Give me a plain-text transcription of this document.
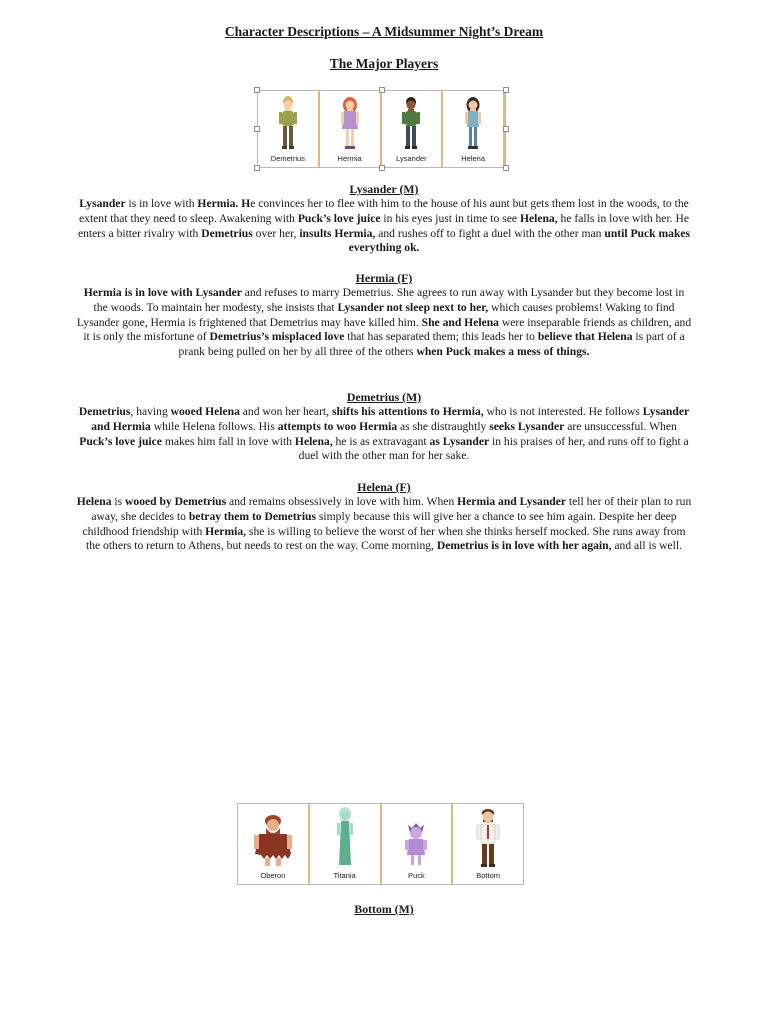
Character Descriptions – A Midsummer Night’s Dream
The Major Players
Demetrius	Hermia	Lysander	Helena
Lysander (M)

Lysander is in love with Hermia. He convinces her to flee with him to the house of his aunt but gets them lost in the woods, to the extent that they need to sleep. Awakening with Puck’s love juice in his eyes just in time to see Helena, he falls in love with her. He enters a bitter rivalry with Demetrius over her, insults Hermia, and rushes off to fight a duel with the other man until Puck makes everything ok.

Hermia (F)

Hermia is in love with Lysander and refuses to marry Demetrius. She agrees to run away with Lysander but they become lost in the woods. To maintain her modesty, she insists that Lysander not sleep next to her, which causes problems! Waking to find Lysander gone, Hermia is frightened that Demetrius may have killed him. She and Helena were inseparable friends as children, and it is only the misfortune of Demetrius’s misplaced love that has separated them; this leads her to believe that Helena is part of a prank being pulled on her by all three of the others when Puck makes a mess of things.

Demetrius (M)

Demetrius, having wooed Helena and won her heart, shifts his attentions to Hermia, who is not interested. He follows Lysander and Hermia while Helena follows. His attempts to woo Hermia as she distraughtly seeks Lysander are unsuccessful. When Puck’s love juice makes him fall in love with Helena, he is as extravagant as Lysander in his praises of her, and runs off to fight a duel with the other man for her sake.

Helena (F)

Helena is wooed by Demetrius and remains obsessively in love with him. When Hermia and Lysander tell her of their plan to run away, she decides to betray them to Demetrius simply because this will give her a chance to see him again. Despite her deep childhood friendship with Hermia, she is willing to believe the worst of her when she thinks herself mocked. She runs away from the others to return to Athens, but needs to rest on the way. Come morning, Demetrius is in love with her again, and all is well.

Oberon	Titania	Puck	Bottom
Bottom (M)
